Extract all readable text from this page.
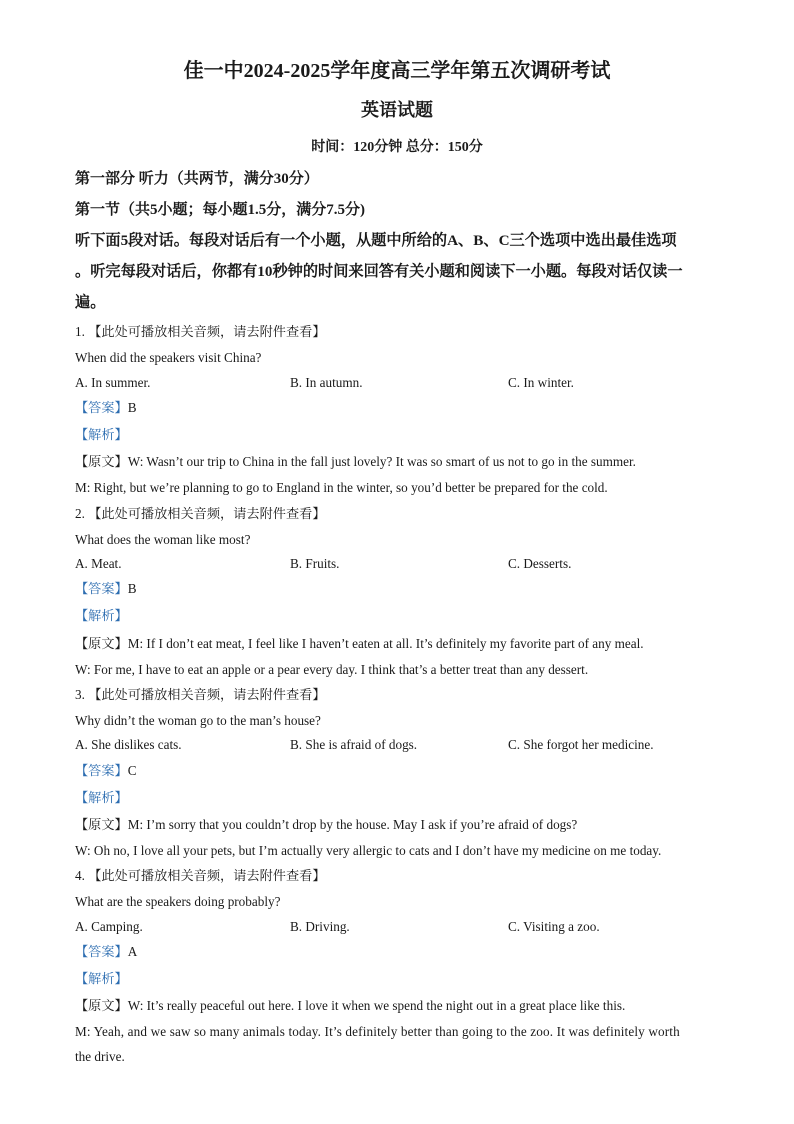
佳一中2024-2025学年度高三学年第五次调研考试
英语试题
时间：120分钟 总分：150分
第一部分 听力（共两节，满分30分）
第一节（共5小题；每小题1.5分，满分7.5分)
听下面5段对话。每段对话后有一个小题，从题中所给的A、B、C三个选项中选出最佳选项
。听完每段对话后，你都有10秒钟的时间来回答有关小题和阅读下一小题。每段对话仅读一
遍。
1. 【此处可播放相关音频，请去附件查看】
When did the speakers visit China?
A. In summer.	B. In autumn.	C. In winter.
【答案】B
【解析】
【原文】W: Wasn’t our trip to China in the fall just lovely? It was so smart of us not to go in the summer.
M: Right, but we’re planning to go to England in the winter, so you’d better be prepared for the cold.
2. 【此处可播放相关音频，请去附件查看】
What does the woman like most?
A. Meat.	B. Fruits.	C. Desserts.
【答案】B
【解析】
【原文】M: If I don’t eat meat, I feel like I haven’t eaten at all. It’s definitely my favorite part of any meal.
W: For me, I have to eat an apple or a pear every day. I think that’s a better treat than any dessert.
3. 【此处可播放相关音频，请去附件查看】
Why didn’t the woman go to the man’s house?
A. She dislikes cats.	B. She is afraid of dogs.	C. She forgot her medicine.
【答案】C
【解析】
【原文】M: I’m sorry that you couldn’t drop by the house. May I ask if you’re afraid of dogs?
W: Oh no, I love all your pets, but I’m actually very allergic to cats and I don’t have my medicine on me today.
4. 【此处可播放相关音频，请去附件查看】
What are the speakers doing probably?
A. Camping.	B. Driving.	C. Visiting a zoo.
【答案】A
【解析】
【原文】W: It’s really peaceful out here. I love it when we spend the night out in a great place like this.
M: Yeah, and we saw so many animals today. It’s definitely better than going to the zoo. It was definitely worth
the drive.
